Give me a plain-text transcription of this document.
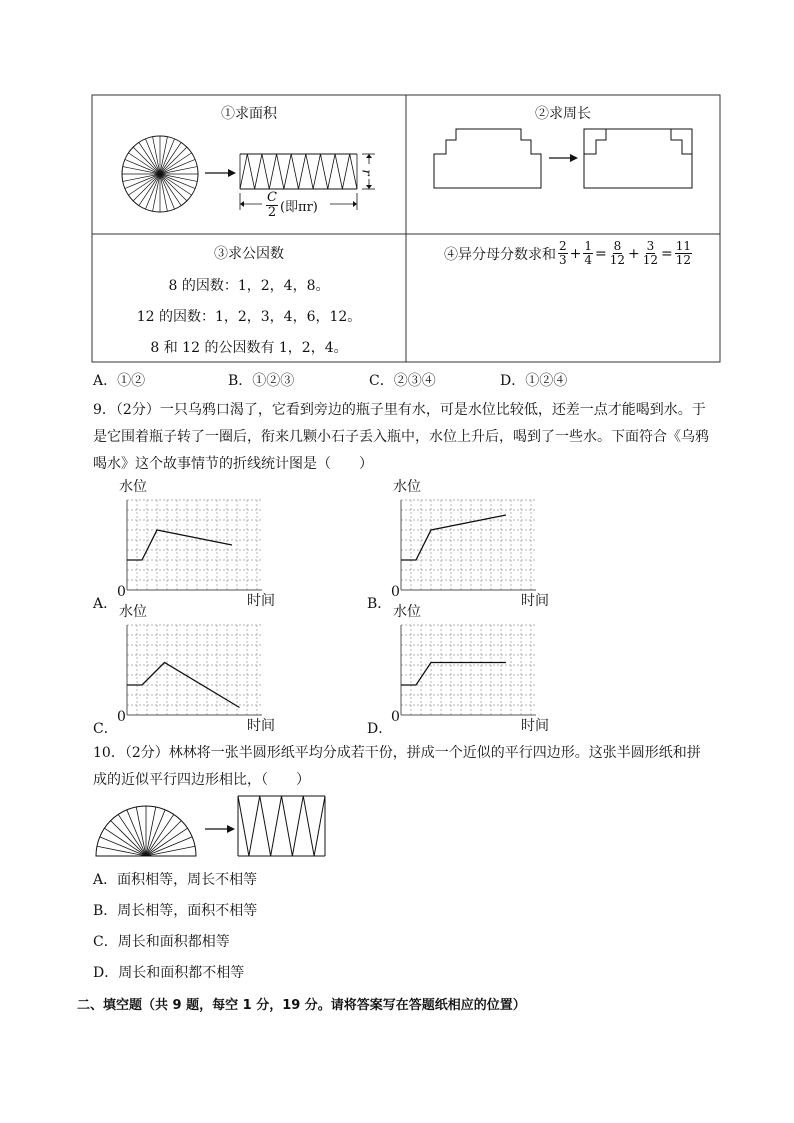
①求面积
r
$\frac{C}{2}$ (即πr)
②求周长
③求公因数
8 的因数：1，2，4，8。
12 的因数：1，2，3，4，6，12。
8 和 12 的公因数有 1，2，4。
④异分母分数求和 $\frac{2}{3} + \frac{1}{4} = \frac{8}{12} + \frac{3}{12} = \frac{11}{12}$
A．①②	B．①②③	C．②③④	D．①②④
9．（2分）一只乌鸦口渴了，它看到旁边的瓶子里有水，可是水位比较低，还差一点才能喝到水。于是它围着瓶子转了一圈后，衔来几颗小石子丢入瓶中，水位上升后，喝到了一些水。下面符合《乌鸦喝水》这个故事情节的折线统计图是（　　）
水位
时间
0
A．
水位
时间
0
B．
水位
时间
0
C．
水位
时间
0
D．
10．（2分）林林将一张半圆形纸平均分成若干份，拼成一个近似的平行四边形。这张半圆形纸和拼成的近似平行四边形相比，（　　）
A．面积相等，周长不相等
B．周长相等，面积不相等
C．周长和面积都相等
D．周长和面积都不相等
二、填空题（共 9 题，每空 1 分，19 分。请将答案写在答题纸相应的位置）
